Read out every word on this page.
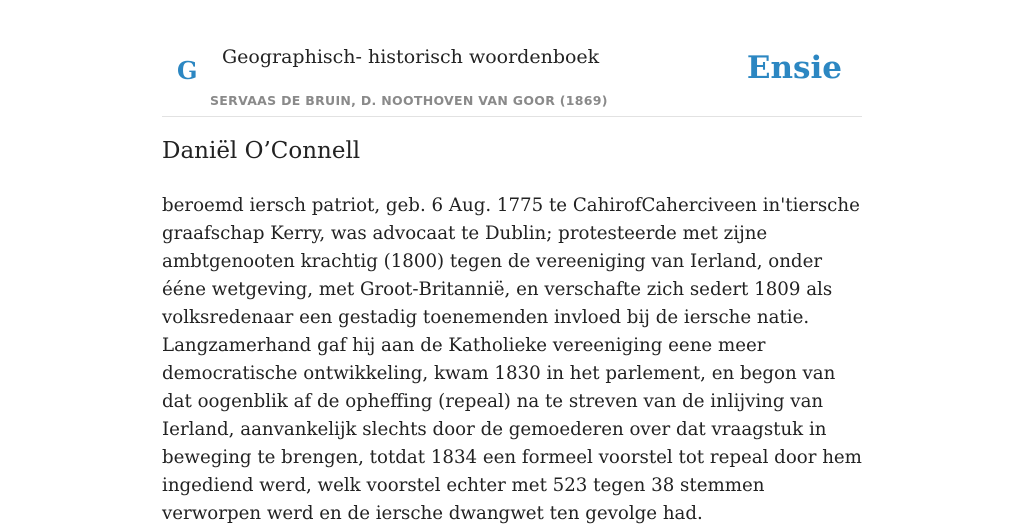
G Geographisch- historisch woordenboek
SERVAAS DE BRUIN, D. NOOTHOVEN VAN GOOR (1869)
Ensie
Daniël O’Connell

beroemd iersch patriot, geb. 6 Aug. 1775 te CahirofCaherciveen in'tiersche graafschap Kerry, was advocaat te Dublin; protesteerde met zijne ambtgenooten krachtig (1800) tegen de vereeniging van Ierland, onder ééne wetgeving, met Groot-Britannië, en verschafte zich sedert 1809 als volksredenaar een gestadig toenemenden invloed bij de iersche natie. Langzamerhand gaf hij aan de Katholieke vereeniging eene meer democratische ontwikkeling, kwam 1830 in het parlement, en begon van dat oogenblik af de opheffing (repeal) na te streven van de inlijving van Ierland, aanvankelijk slechts door de gemoederen over dat vraagstuk in beweging te brengen, totdat 1834 een formeel voorstel tot repeal door hem ingediend werd, welk voorstel echter met 523 tegen 38 stemmen verworpen werd en de iersche dwangwet ten gevolge had.
